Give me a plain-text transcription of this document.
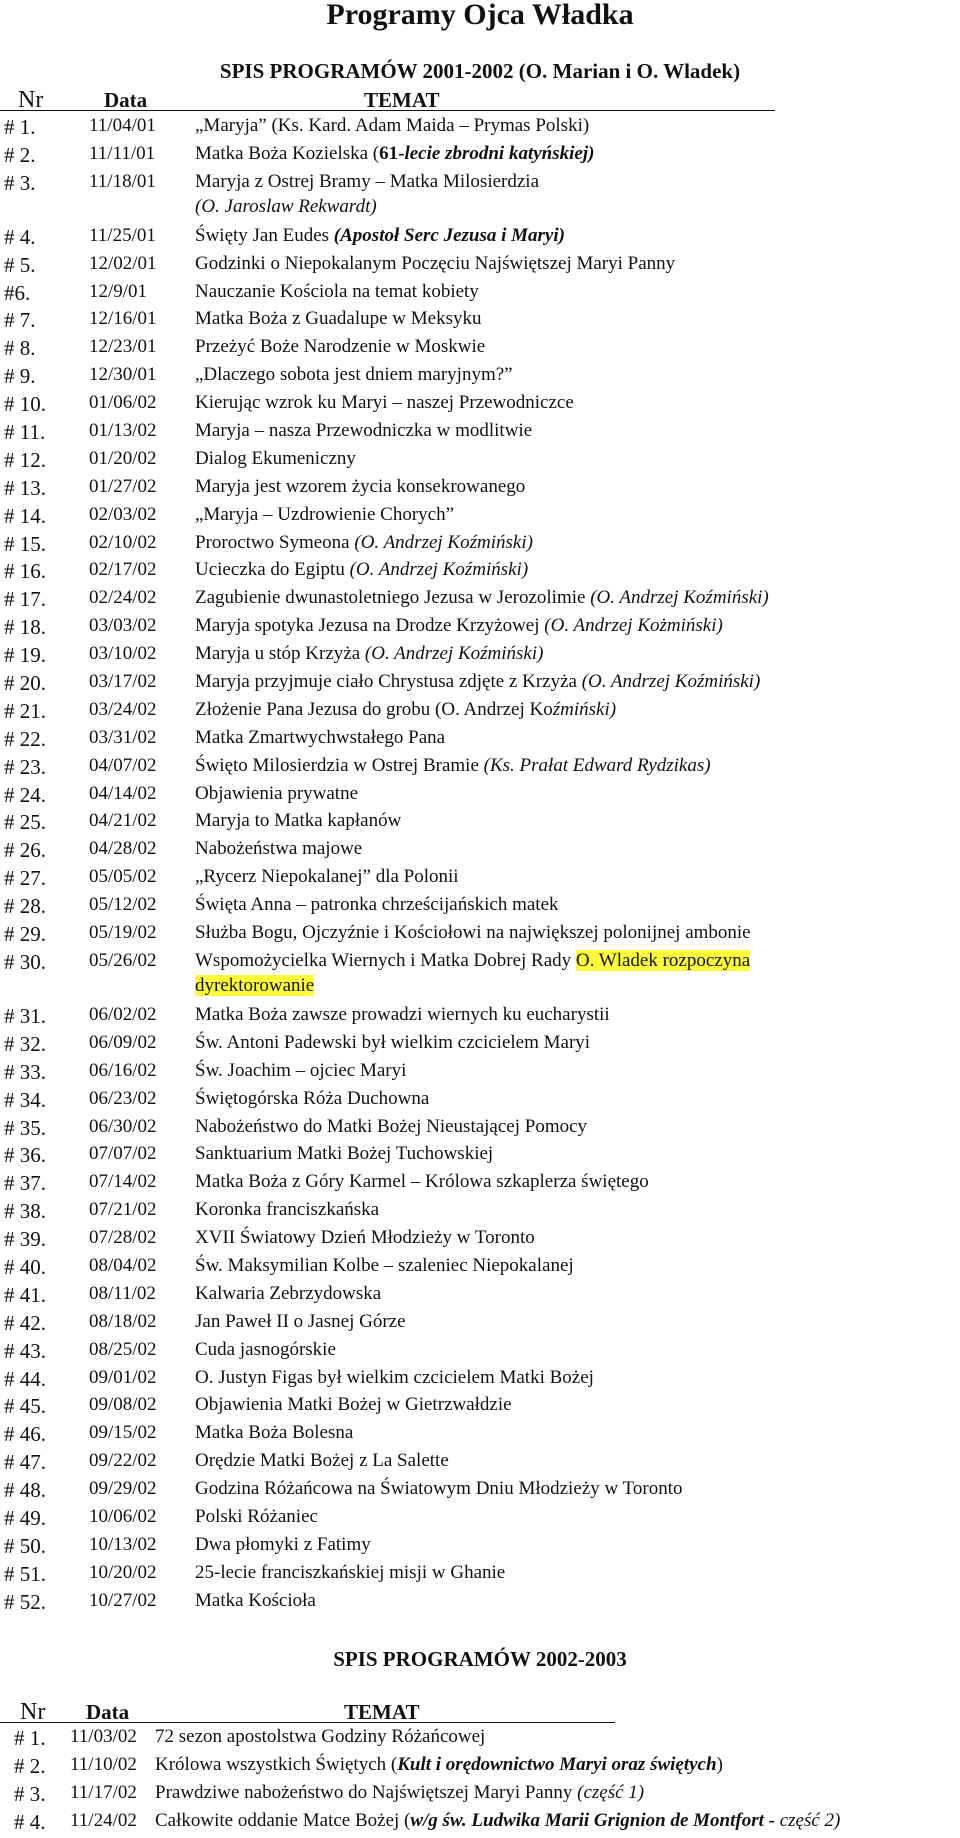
Programy Ojca Władka
SPIS PROGRAMÓW 2001-2002 (O. Marian i O. Wladek)
Nr	Data	TEMAT
# 1.	11/04/01 „Maryja” (Ks. Kard. Adam Maida – Prymas Polski)
# 2.	11/11/01 Matka Boża Kozielska (61-lecie zbrodni katyńskiej)
# 3.	11/18/01 Maryja z Ostrej Bramy – Matka Milosierdzia
(O. Jaroslaw Rekwardt)
# 4.	11/25/01 Święty Jan Eudes (Apostoł Serc Jezusa i Maryi)
# 5.	12/02/01 Godzinki o Niepokalanym Poczęciu Najświętszej Maryi Panny
#6.	12/9/01	Nauczanie Kościola na temat kobiety
# 7.	12/16/01 Matka Boża z Guadalupe w Meksyku
# 8.	12/23/01 Przeżyć Boże Narodzenie w Moskwie
# 9.	12/30/01 „Dlaczego sobota jest dniem maryjnym?”
# 10. 01/06/02 Kierując wzrok ku Maryi – naszej Przewodniczce
# 11. 01/13/02 Maryja – nasza Przewodniczka w modlitwie
# 12. 01/20/02 Dialog Ekumeniczny
# 13. 01/27/02 Maryja jest wzorem życia konsekrowanego
# 14. 02/03/02 „Maryja – Uzdrowienie Chorych”
# 15. 02/10/02 Proroctwo Symeona (O. Andrzej Koźmiński)
# 16. 02/17/02 Ucieczka do Egiptu (O. Andrzej Koźmiński)
# 17. 02/24/02 Zagubienie dwunastoletniego Jezusa w Jerozolimie (O. Andrzej Koźmiński)
# 18. 03/03/02 Maryja spotyka Jezusa na Drodze Krzyżowej (O. Andrzej Kożmiński)
# 19. 03/10/02 Maryja u stóp Krzyża (O. Andrzej Koźmiński)
# 20. 03/17/02 Maryja przyjmuje ciało Chrystusa zdjęte z Krzyża (O. Andrzej Koźmiński)
# 21. 03/24/02 Złożenie Pana Jezusa do grobu (O. Andrzej Koźmiński)
# 22. 03/31/02 Matka Zmartwychwstałego Pana
# 23. 04/07/02 Święto Milosierdzia w Ostrej Bramie (Ks. Prałat Edward Rydzikas)
# 24. 04/14/02 Objawienia prywatne
# 25. 04/21/02 Maryja to Matka kapłanów
# 26. 04/28/02 Nabożeństwa majowe
# 27. 05/05/02 „Rycerz Niepokalanej” dla Polonii
# 28. 05/12/02 Święta Anna – patronka chrześcijańskich matek
# 29. 05/19/02 Służba Bogu, Ojczyźnie i Kościołowi na największej polonijnej ambonie
# 30. 05/26/02 Wspomożycielka Wiernych i Matka Dobrej Rady O. Wladek rozpoczyna
dyrektorowanie
# 31. 06/02/02 Matka Boża zawsze prowadzi wiernych ku eucharystii
# 32. 06/09/02 Św. Antoni Padewski był wielkim czcicielem Maryi
# 33. 06/16/02 Św. Joachim – ojciec Maryi
# 34. 06/23/02 Świętogórska Róża Duchowna
# 35. 06/30/02 Nabożeństwo do Matki Bożej Nieustającej Pomocy
# 36. 07/07/02 Sanktuarium Matki Bożej Tuchowskiej
# 37. 07/14/02 Matka Boża z Góry Karmel – Królowa szkaplerza świętego
# 38. 07/21/02 Koronka franciszkańska
# 39. 07/28/02 XVII Światowy Dzień Młodzieży w Toronto
# 40. 08/04/02 Św. Maksymilian Kolbe – szaleniec Niepokalanej
# 41. 08/11/02 Kalwaria Zebrzydowska
# 42. 08/18/02 Jan Paweł II o Jasnej Górze
# 43. 08/25/02 Cuda jasnogórskie
# 44. 09/01/02 O. Justyn Figas był wielkim czcicielem Matki Bożej
# 45. 09/08/02 Objawienia Matki Bożej w Gietrzwałdzie
# 46. 09/15/02 Matka Boża Bolesna
# 47. 09/22/02 Orędzie Matki Bożej z La Salette
# 48. 09/29/02 Godzina Różańcowa na Światowym Dniu Młodzieży w Toronto
# 49. 10/06/02 Polski Różaniec
# 50. 10/13/02 Dwa płomyki z Fatimy
# 51. 10/20/02 25-lecie franciszkańskiej misji w Ghanie
# 52. 10/27/02 Matka Kościoła
SPIS PROGRAMÓW 2002-2003
Nr Data	TEMAT
# 1. 11/03/02 72 sezon apostolstwa Godziny Różańcowej
# 2. 11/10/02 Królowa wszystkich Świętych (Kult i orędownictwo Maryi oraz świętych)
# 3. 11/17/02 Prawdziwe nabożeństwo do Najświętszej Maryi Panny (część 1)
# 4. 11/24/02 Całkowite oddanie Matce Bożej (w/g św. Ludwika Marii Grignion de Montfort - część 2)
